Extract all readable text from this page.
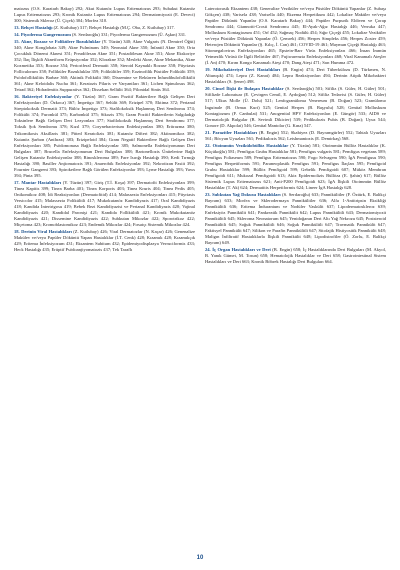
matozus (O.S. Karatarh Bakay) 292; Akut Kutanöz Lupus Eritematozus 293; Subakut Kutanöz Lupus Eritematozus 293; Kronik Kutanöz Lupus Eritematozus 294; Dermatomiyozit (E. Deveci) 300; Sistemik Skleroz (Ü. Çiçek) 304; Morfea 310.

13. Behçet Hastalığı (Z. Kutlubay) 317; Behçet Hastalığı (M.Ç. Oba, Z. Kutlubay) 317.

14. Piyoderma Gangrenozum (S. Serdaroğlu) 331; Piyoderma Gangrenozum (Ü. Aşkın) 331.

15. Akne, Rozase ve Folikülerr Bozukluklar (Y. Tüzün) 340; Akne Vulgaris (N. Demirel Öğüt) 340; Akne Konglobata 349; Akne Fulminans 349; Neonatal Akne 350; İnfantil Akne 350; Orta Çocukluk Dönemi Aknesi 351; Preadölesan Akne 351; Postadölesan Akne 351; Akne Ekskoriye 352; İlaç İlişkili Akneiform Erüpsiyonlar 352; Klorakne 352; Mesleki Akne, Akne Mekanika, Akne Kozmetika 353; Rozase 354; Perioriferal Dermatit 358; Steroid Kaynaklı Rozase 358; Pityriasis Folliculorum 358; Folliküler Bozukluklar 359; Folikülitler 359; Eozinofilik Püstüler Folikülit 359; Psödofollikülitis Barbae 360; Aktinik Folikülit 360; Dissemine ve Rekürren İnfundibulofollikülit 361; Akne Keloidalis Nucha 361; Keratozis Pilaris ve Varyantları 361; Lichen Spinulosus 362; Tetrad 362; Hidradenitis Suppurativa 362; Dissekan Sellülit 364; Pilonidal Sinüs 364.

16. Bakteriyel Enfeksiyonlar (Y. Tüzün) 367; Gram Pozitif Bakterilere Bağlı Gelişen Deri Enfeksiyonları (D. Özkoca) 367; İmpetigo 367; Selülit 369; Erizipel 370; Ektima 372; Perianal Streptokoksik Dermatit 373; Bülöz İmpetigo 373; Stafilokoksik Haşlanmış Deri Sendromu 374; Folikülit 374; Furonkül 375; Karbonkül 375; Sikozis 376; Gram Pozitif Bakterilerin Salgıladığı Toksinlere Bağlı Gelişen Deri Lezyonları 377; Stafilokoksik Haşlanmış Deri Sendromu 377; Toksik Şok Sendromu 378; Kızıl 379; Corynebacterium Enfeksiyonları 380; Eritrazma 380; Trikomikosis Aksillaris 381; Pitted Keratolizis 381; Kutanöz Difteri 382; Aktinomikoz 382; Kutanöz Şarbon (Anthrax) 383; Erizipeloid 384; Gram Negatif Bakterilere Bağlı Gelişen Deri Enfeksiyonları 385; Psödomonasa Bağlı Enfeksiyonlar 385; Salmonella Enfeksiyonunun Deri Bulguları 387; Brucella Enfeksiyonunun Deri Bulguları 388; Bartonellozis Ünitelerine Bağlı Gelişen Kutanöz Enfeksiyonlar 388; Rinoskleroma 389; Fare Isırığı Hastalığı 390; Kedi Tırmığı Hastalığı 390; Basiller Anjiomatozis 391; Anaerobik Enfeksiyonlar 392; Nekrotizan Fasiit 392; Fournier Gangreni 393; Spiroketlere Bağlı Görülen Enfeksiyonlar 393; Lyme Hastalığı 393; Yaws 394; Pinta 395.

17. Mantar Hastalıkları (Y. Tüzün) 397; Giriş (T.İ. Koşa) 397; Dermatofit Enfeksiyonları 399; Tinea Kapitis 399; Tinea Barba 401; Tinea Korporis 403; Tinea Kruris 404; Tinea Pedis 405; Onikomikoz 408; İdi Reaksiyonları (Dermatofitid) 414; Malassezia Enfeksiyonları 415; Pityriasis Versicolor 415; Malassezia Folikülitli 417; Mukokutanöz Kandidiyazis 417; Oral Kandidiyazis 418; Kandida İntertrigosu 419; Bebek Bezi Kandidiyazisi ve Perianal Kandidiyazis 420; Vajinal Kandidiyazis 420; Kandidal Paronişi 421; Kandida Follikülitli 421; Kronik Mukokutanöz Kandidiyazis 421; Dissemine Kandidiyazis 422; Subkutan Mikozlar 422; Sporotrikoz 422; Miçetoma 423; Kromoblastomikoz 423; Endemik Mikozlar 424; Fırsatçı Sistemik Mikozlar 424.

18. Derinin Viral Hastalıkları (Z. Kutlubay) 426; Viral Dermatozlar (N. Kaçar) 426; Genenalize Makülev ve/veya Papüler Döküntü Yapan Hastalıklar (İ.T. Cenk) 428; Kızamık 428; Kızamıkçık 429; Eritema İnfeksiyozum 431; Eksantem Subitum 432; Epidemiyodisplazya Verruciformis 433; Heck Hastalığı 435; Erüptif Psödoanjiyomatozis 437; Tek Taraflı

Laterotorasik Eksantem 438; Generalize Veziküler ve/veya Püstüler Döküntü Yapanlar (Z. Subaşı Gökçen) 438; Varisela 438; Varisella 440; Ekzema Herpetikum 442; Lokalize Maküler ve/veya Papüler Döküntü Yapanlar (O.S. Karatarh Bakay) 444; Papüler Purpurik Eldiven ve Çorap Sendromu 444; Giannotti-Crosti Sendromu 445; El-Ayak-Ağız Hastalığı 446; Verruka 447; Molluskum Kontagiozum 451; Orf 452; Sağmaç Nodülü 454; Sığır Çiçeği 455; Lokalize Veziküler ve/veya Püstüler Döküntü Yapanlar (Ö. Çemrek) 456; Herpes Simpleks 456; Herpes Zoster 459; Heterojen Döküntü Yapanlar (Ş. Kılıç, İ. Can) 461; COVID-19 461; Maymun Çiçeği Hastalığı 463; Sitomegalovirus Enfeksiyonları 465; Epstein-Barr Virüs Enfeksiyonları 466; İnsan İmmün Yetmezlik Virüsü ile İlgili Belirtiler 467; Fujiwarenzia Enfeksiyonları 468; Viral Kanamalı Ateşler (İ. An) 470; Kırım Kongo Kanamalı Ateşi 470; Dang Ateşi 471; Sarı Humma 472.

19. Mikobakteriyel Deri Hastalıkları (B. Engin) 474; Deri Tüberkülozu (D. Türkmen, N. Altunışık) 474; Lepra (Z. Kanat) 484; Lepra Reaksiyonları 494; Derinin Atipik Mikobakteri Hastalıkları (S. Şener) 498.

20. Cinsel İlişki ile Bulaşan Hastalıklar (S. Serdaroğlu) 501; Sifiliz (S. Güler, H. Güler) 501; Sifilizde Laboratuar (E. Çevirgen Cemil, E. Aydoğan) 512; Sifiliz Tedavisi (S. Güler, H. Güler) 517; Ulkus Molle (Ü. Dolu) 521; Lenfogranüloma Venereum (B. Doğan) 523; Granülomo İnguinale (B. Ormaı Kurt) 525; Genital Herpes (B. Başyulu) 528; Genital Molluskum Kontagiozum (F. Canbulat) 531; Anogenital HPV Enfeksiyonları (E. Güngör) 533; AIDS ve Dermatolojik Bulgular (B. Sevimli Dikicier) 539; Pedikulozis Pubis (B. Doğan); Uyuz 544; Gonore (D. Akpolat) 546; Genital Mantolar (G. Kına) 547.

21. Parazitler Hastalıkları (B. Engin) 552; Skabiyez (D. Bayramgürler) 552; Tahtalı Uyuzları 561; Böcyan Uyuzları 561; Pedikulozis 562; Leishmaniozis (E. Demirkaş) 568.

22. Otoimmün Vezikülobüllöz Hastalıklar (Y. Tüzün) 581; Otoimmün Büllöz Hastalıklar (K. Küçükoğlu) 581; Pemfigus Grubu Hastalıklar 581; Pemfigus vulgaris 581; Pemfigus vegetans 589; Pemfigus Foliaseum 589; Pemfigus Eritematozus 590; Fogo Selvagem 590; İgA Pemfigusu 590; Pemfigus Herpetiformis 591; Paraneoplastik Pemfigus 591; Pemfigus İlaçları 595; Pemfigoid Grubu Hastalıklar 599; Büllöz Pemfigoid 599; Gebelik Pemfigoidi 607; Müköz Membran Pemfigoidi 611; Mukozal Pemfigoidi 613; Akiz Epidermolizis Büllöza (E. Şahin) 617; Büllöz Sistemik Lupus Eritematozus 621; Anti-P200 Pemfigoidi 623; İgA İlişkili Otoimmün Büllöz Hastalıklar (T. Ak) 624; Dermatitis Herpetiformis 624; Lineer İgA Hastalığı 628.

23. Subkutan Yağ Dokusu Hastalıkları (S. Serdaroğlu) 633; Pannikülitler (F. Öztürk, E. Balikçi Bayram) 633; Morfea ve Sklerodermaya Pannikülitler 636; Alfa 1-Antitripsin Eksikliği Pannikülitli 636; Eritema İndurantum ve Nodüler Vaskülit 637; Lipodermatoskleroz 639; Enfeksiyöz Pannikülit 641; Pankreatik Pannikülit 642; Lupus Pannikülitli 643; Dermatomiyozit Pannikülitli 645; Skleroma Neonatorum 645; Yenidoğanın Deri Altı Yağ Nekrozu 645; Poststeroid Pannikülitli 645; Soğuk Pannikülitli 646; Soğuk Pannikülitli 647; Travmatik Pannikülit 647; Faktisyel Pannikülit 647; Silikon ve Parafin Pannikülitli 647; Sitofajik Histiyositik Pannikülit 648; Maligın İnfiltratif Hastalıklarla İlişkili Pannikülit 648; Lipodistrofiler (Ö. Zorlu, E. Balikçi Bayram) 649.

24. İç Organ Hastalıkları ve Deri (B. Engin) 658; İç Hastalıklarında Deri Bulguları (M. Akyol, B. Yanık Gümet, M. Tosun) 658; Hematolojik Hastalıklar ve Deri 658; Gastrointestinal Sistem Hastalıkları ve Deri 663; Kronik Böbrek Hastalığı Deri Bulguları 664.

10
